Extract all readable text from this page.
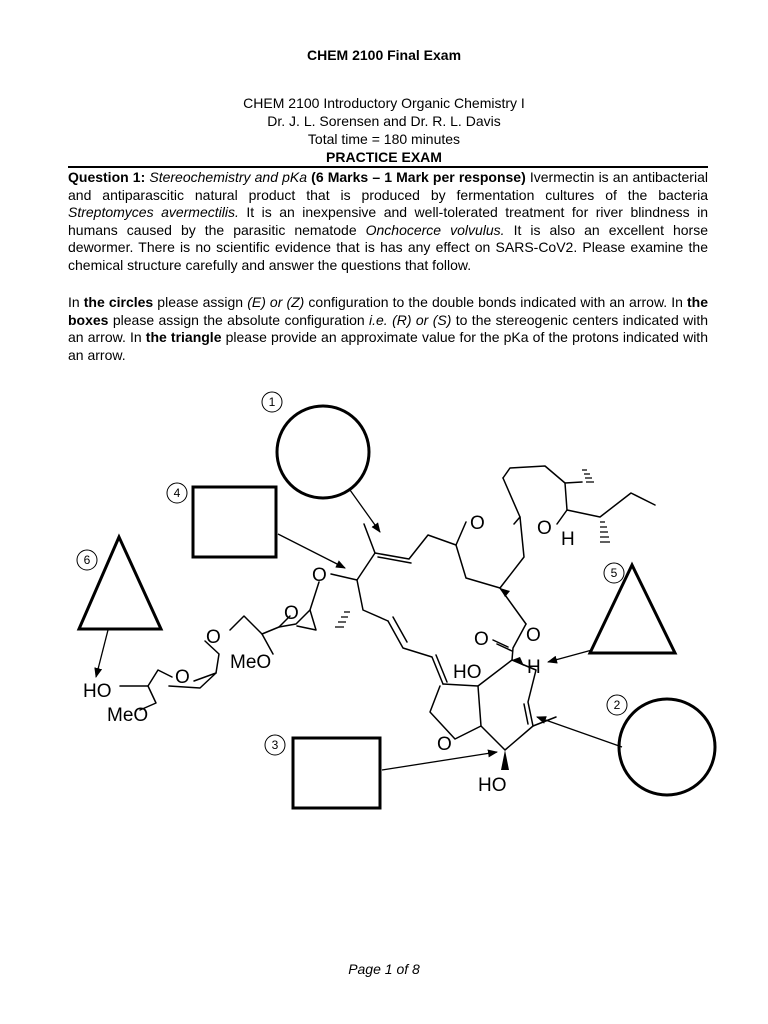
CHEM 2100 Final Exam
CHEM 2100 Introductory Organic Chemistry I
Dr. J. L. Sorensen and Dr. R. L. Davis
Total time = 180 minutes
PRACTICE EXAM

Question 1: Stereochemistry and pKa (6 Marks – 1 Mark per response) Ivermectin is an antibacterial and antiparascitic natural product that is produced by fermentation cultures of the bacteria Streptomyces avermectilis. It is an inexpensive and well-tolerated treatment for river blindness in humans caused by the parasitic nematode Onchocerce volvulus. It is also an excellent horse dewormer. There is no scientific evidence that is has any effect on SARS-CoV2. Please examine the chemical structure carefully and answer the questions that follow.

In the circles please assign (E) or (Z) configuration to the double bonds indicated with an arrow. In the boxes please assign the absolute configuration i.e. (R) or (S) to the stereogenic centers indicated with an arrow. In the triangle please provide an approximate value for the pKa of the protons indicated with an arrow.

1
4
6
5
2
3
O	O
H
O
O
O
MeO
HO
O
MeO
O O
HO H
O
HO
Page 1 of 8
